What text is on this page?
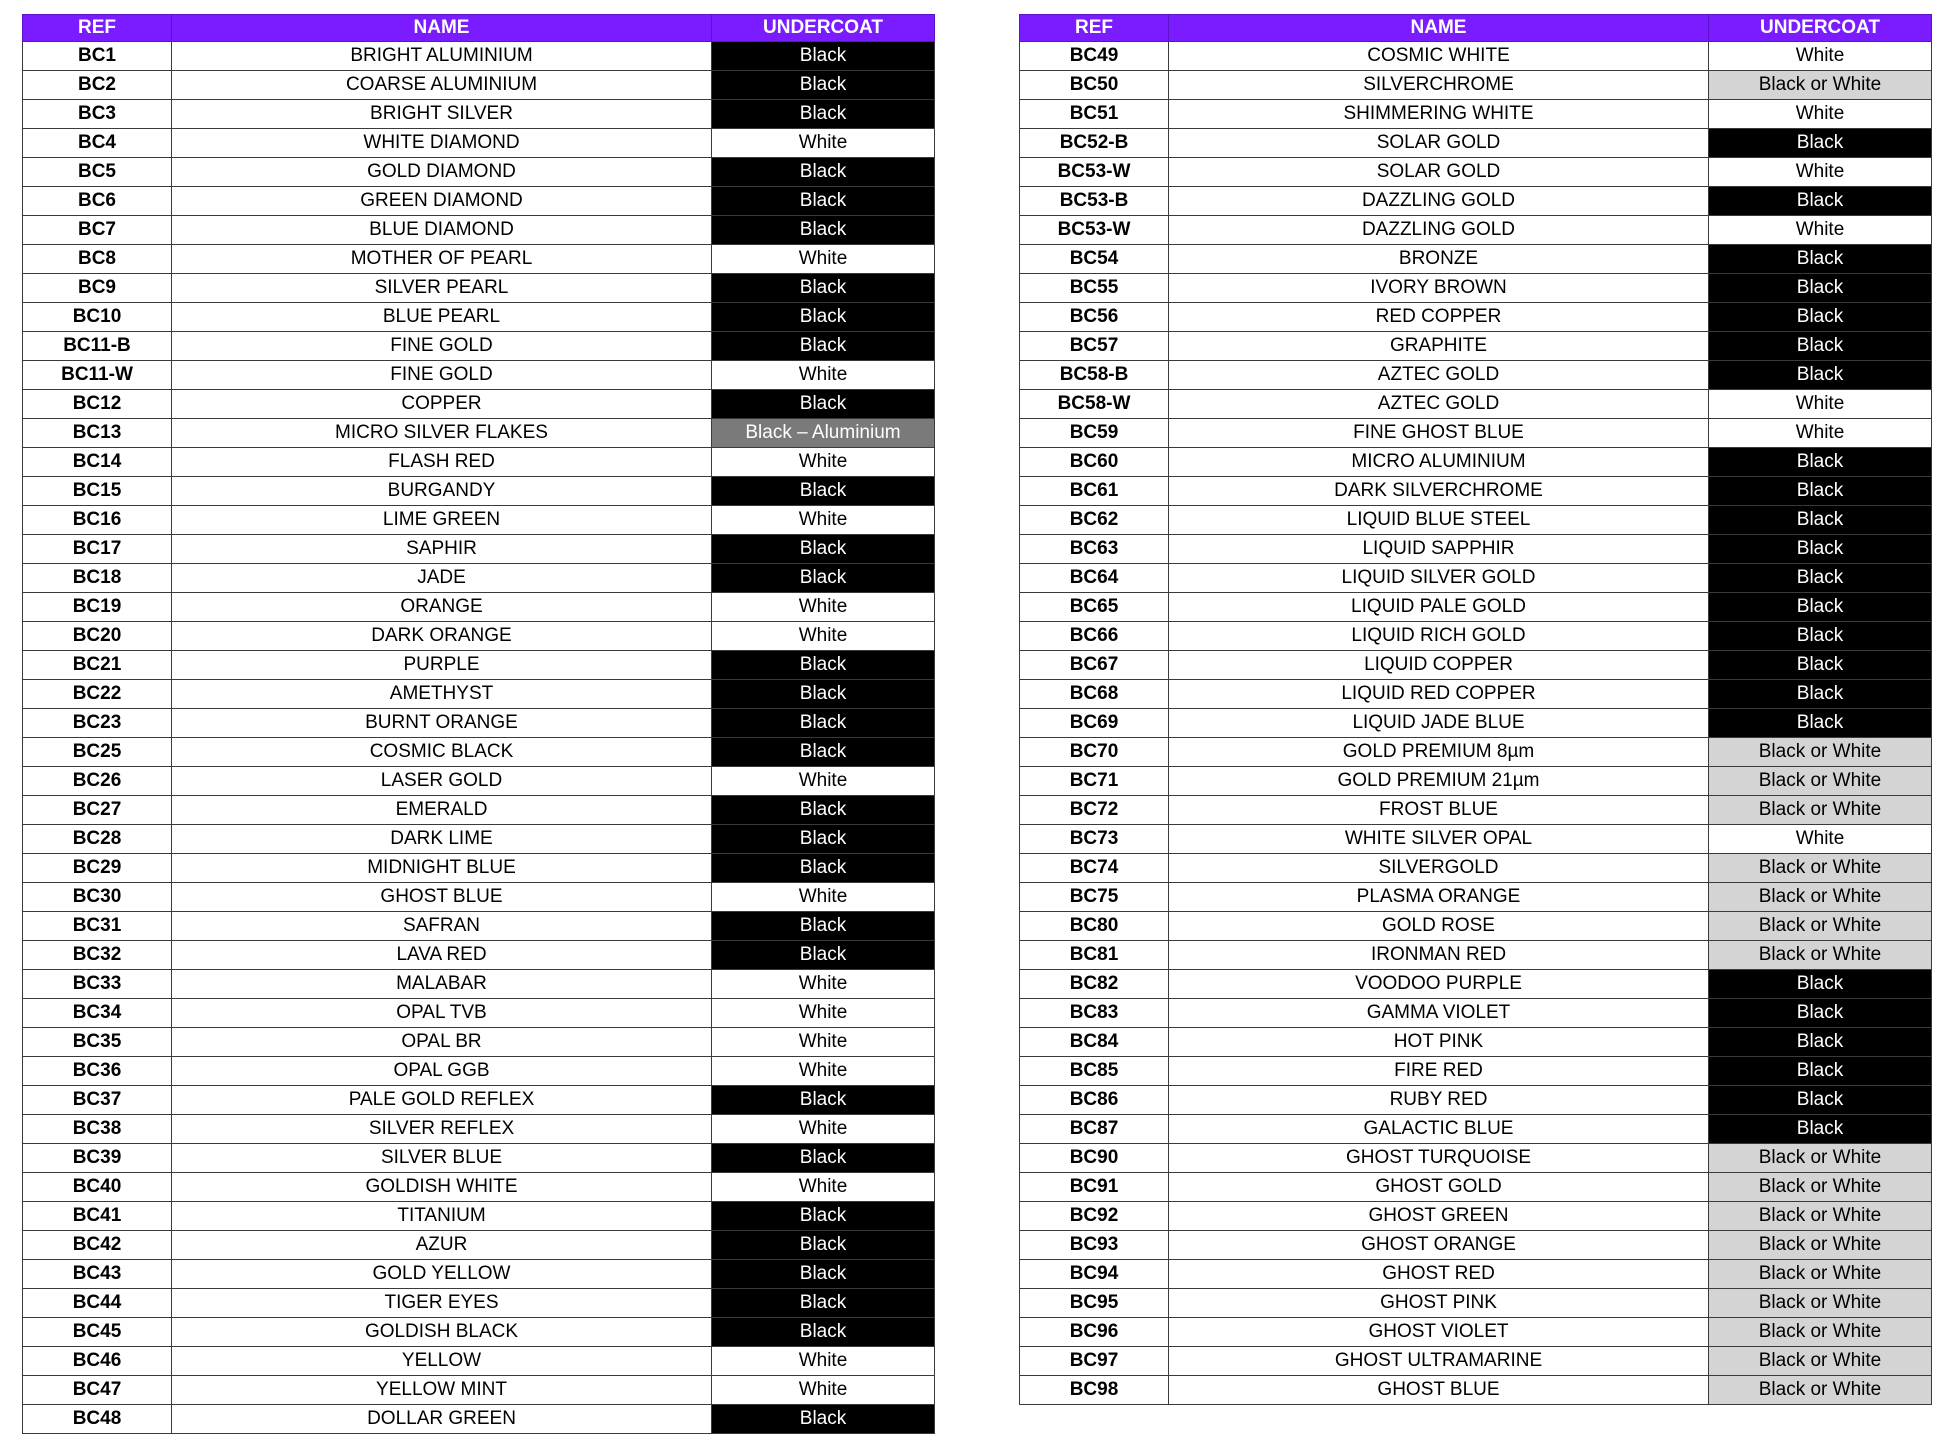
REF	NAME	UNDERCOAT
BC1	BRIGHT ALUMINIUM	Black
BC2	COARSE ALUMINIUM	Black
BC3	BRIGHT SILVER	Black
BC4	WHITE DIAMOND	White
BC5	GOLD DIAMOND	Black
BC6	GREEN DIAMOND	Black
BC7	BLUE DIAMOND	Black
BC8	MOTHER OF PEARL	White
BC9	SILVER PEARL	Black
BC10	BLUE PEARL	Black
BC11-B	FINE GOLD	Black
BC11-W	FINE GOLD	White
BC12	COPPER	Black
BC13	MICRO SILVER FLAKES	Black – Aluminium
BC14	FLASH RED	White
BC15	BURGANDY	Black
BC16	LIME GREEN	White
BC17	SAPHIR	Black
BC18	JADE	Black
BC19	ORANGE	White
BC20	DARK ORANGE	White
BC21	PURPLE	Black
BC22	AMETHYST	Black
BC23	BURNT ORANGE	Black
BC25	COSMIC BLACK	Black
BC26	LASER GOLD	White
BC27	EMERALD	Black
BC28	DARK LIME	Black
BC29	MIDNIGHT BLUE	Black
BC30	GHOST BLUE	White
BC31	SAFRAN	Black
BC32	LAVA RED	Black
BC33	MALABAR	White
BC34	OPAL TVB	White
BC35	OPAL BR	White
BC36	OPAL GGB	White
BC37	PALE GOLD REFLEX	Black
BC38	SILVER REFLEX	White
BC39	SILVER BLUE	Black
BC40	GOLDISH WHITE	White
BC41	TITANIUM	Black
BC42	AZUR	Black
BC43	GOLD YELLOW	Black
BC44	TIGER EYES	Black
BC45	GOLDISH BLACK	Black
BC46	YELLOW	White
BC47	YELLOW MINT	White
BC48	DOLLAR GREEN	Black
REF	NAME	UNDERCOAT
BC49	COSMIC WHITE	White
BC50	SILVERCHROME	Black or White
BC51	SHIMMERING WHITE	White
BC52-B	SOLAR GOLD	Black
BC53-W	SOLAR GOLD	White
BC53-B	DAZZLING GOLD	Black
BC53-W	DAZZLING GOLD	White
BC54	BRONZE	Black
BC55	IVORY BROWN	Black
BC56	RED COPPER	Black
BC57	GRAPHITE	Black
BC58-B	AZTEC GOLD	Black
BC58-W	AZTEC GOLD	White
BC59	FINE GHOST BLUE	White
BC60	MICRO ALUMINIUM	Black
BC61	DARK SILVERCHROME	Black
BC62	LIQUID BLUE STEEL	Black
BC63	LIQUID SAPPHIR	Black
BC64	LIQUID SILVER GOLD	Black
BC65	LIQUID PALE GOLD	Black
BC66	LIQUID RICH GOLD	Black
BC67	LIQUID COPPER	Black
BC68	LIQUID RED COPPER	Black
BC69	LIQUID JADE BLUE	Black
BC70	GOLD PREMIUM 8µm	Black or White
BC71	GOLD PREMIUM 21µm	Black or White
BC72	FROST BLUE	Black or White
BC73	WHITE SILVER OPAL	White
BC74	SILVERGOLD	Black or White
BC75	PLASMA ORANGE	Black or White
BC80	GOLD ROSE	Black or White
BC81	IRONMAN RED	Black or White
BC82	VOODOO PURPLE	Black
BC83	GAMMA VIOLET	Black
BC84	HOT PINK	Black
BC85	FIRE RED	Black
BC86	RUBY RED	Black
BC87	GALACTIC BLUE	Black
BC90	GHOST TURQUOISE	Black or White
BC91	GHOST GOLD	Black or White
BC92	GHOST GREEN	Black or White
BC93	GHOST ORANGE	Black or White
BC94	GHOST RED	Black or White
BC95	GHOST PINK	Black or White
BC96	GHOST VIOLET	Black or White
BC97	GHOST ULTRAMARINE	Black or White
BC98	GHOST BLUE	Black or White
